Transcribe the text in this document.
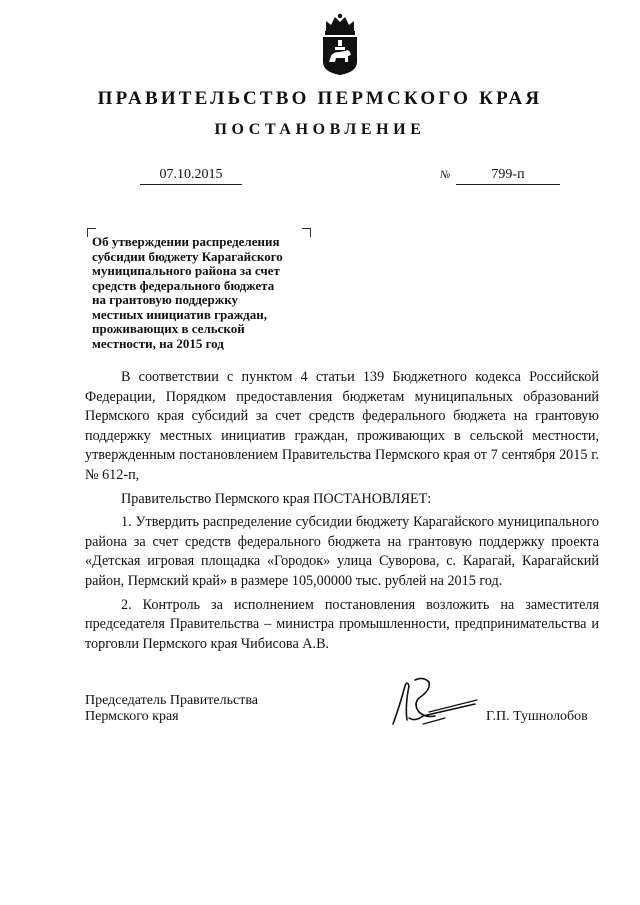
ПРАВИТЕЛЬСТВО ПЕРМСКОГО КРАЯ
ПОСТАНОВЛЕНИЕ
07.10.2015	№	799-п
Об утверждении распределения
субсидии бюджету Карагайского
муниципального района за счет
средств федерального бюджета
на грантовую поддержку
местных инициатив граждан,
проживающих в сельской
местности, на 2015 год

В соответствии с пунктом 4 статьи 139 Бюджетного кодекса Российской Федерации, Порядком предоставления бюджетам муниципальных образований Пермского края субсидий за счет средств федерального бюджета на грантовую поддержку местных инициатив граждан, проживающих в сельской местности, утвержденным постановлением Правительства Пермского края от 7 сентября 2015 г. № 612-п,

Правительство Пермского края ПОСТАНОВЛЯЕТ:

1. Утвердить распределение субсидии бюджету Карагайского муниципального района за счет средств федерального бюджета на грантовую поддержку проекта «Детская игровая площадка «Городок» улица Суворова, с. Карагай, Карагайский район, Пермский край» в размере 105,00000 тыс. рублей на 2015 год.

2. Контроль за исполнением постановления возложить на заместителя председателя Правительства – министра промышленности, предпринимательства и торговли Пермского края Чибисова А.В.

Председатель Правительства
Пермского края	Г.П. Тушнолобов
